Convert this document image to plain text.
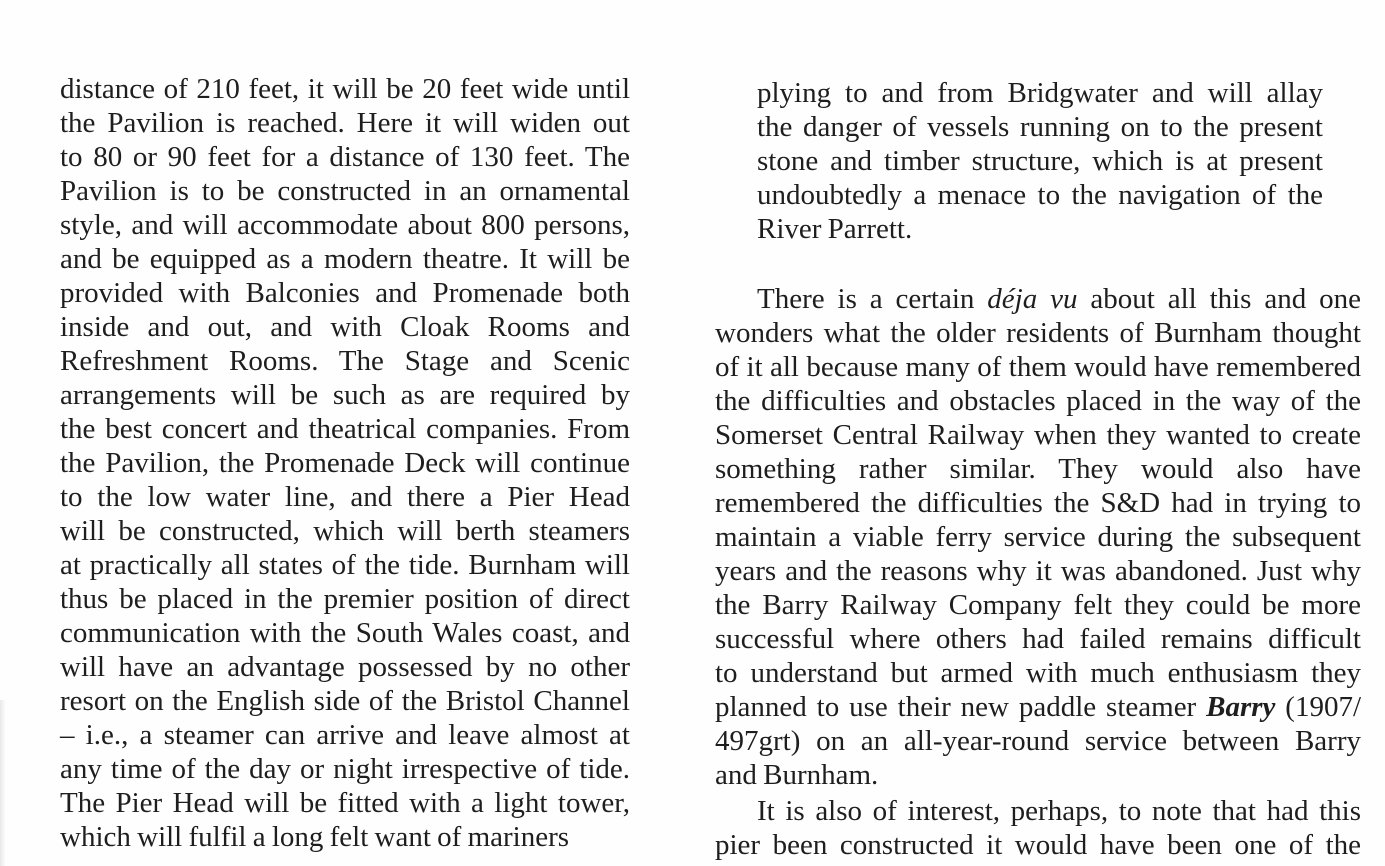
distance of 210 feet, it will be 20 feet wide until

the Pavilion is reached. Here it will widen out

to 80 or 90 feet for a distance of 130 feet. The

Pavilion is to be constructed in an ornamental

style, and will accommodate about 800 persons,

and be equipped as a modern theatre. It will be

provided with Balconies and Promenade both

inside and out, and with Cloak Rooms and

Refreshment Rooms. The Stage and Scenic

arrangements will be such as are required by

the best concert and theatrical companies. From

the Pavilion, the Promenade Deck will continue

to the low water line, and there a Pier Head

will be constructed, which will berth steamers

at practically all states of the tide. Burnham will

thus be placed in the premier position of direct

communication with the South Wales coast, and

will have an advantage possessed by no other

resort on the English side of the Bristol Channel

– i.e., a steamer can arrive and leave almost at

any time of the day or night irrespective of tide.

The Pier Head will be fitted with a light tower,

which will fulfil a long felt want of mariners

plying to and from Bridgwater and will allay

the danger of vessels running on to the present

stone and timber structure, which is at present

undoubtedly a menace to the navigation of the

River Parrett.

There is a certain déja vu about all this and one

wonders what the older residents of Burnham thought

of it all because many of them would have remembered

the difficulties and obstacles placed in the way of the

Somerset Central Railway when they wanted to create

something rather similar. They would also have

remembered the difficulties the S&D had in trying to

maintain a viable ferry service during the subsequent

years and the reasons why it was abandoned. Just why

the Barry Railway Company felt they could be more

successful where others had failed remains difficult

to understand but armed with much enthusiasm they

planned to use their new paddle steamer Barry (1907/

497grt) on an all-year-round service between Barry

and Burnham.

It is also of interest, perhaps, to note that had this

pier been constructed it would have been one of the
